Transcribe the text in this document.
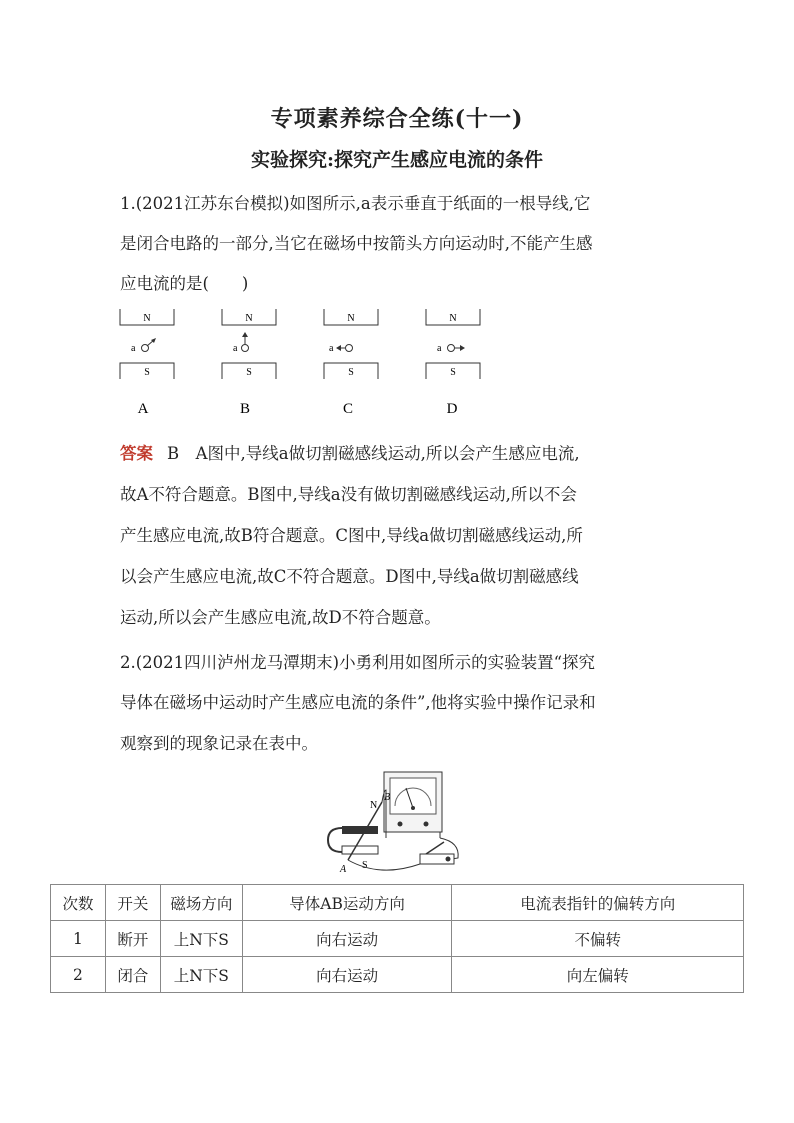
专项素养综合全练(十一)
实验探究:探究产生感应电流的条件
1.(2021江苏东台模拟)如图所示,a表示垂直于纸面的一根导线,它
是闭合电路的一部分,当它在磁场中按箭头方向运动时,不能产生感
应电流的是(　　)
N
a
S
N
a
S
N
a
S
N
a
S
A	B	C	D
答案 B　A图中,导线a做切割磁感线运动,所以会产生感应电流,
故A不符合题意。B图中,导线a没有做切割磁感线运动,所以不会
产生感应电流,故B符合题意。C图中,导线a做切割磁感线运动,所
以会产生感应电流,故C不符合题意。D图中,导线a做切割磁感线
运动,所以会产生感应电流,故D不符合题意。
2.(2021四川泸州龙马潭期末)小勇利用如图所示的实验装置“探究
导体在磁场中运动时产生感应电流的条件”,他将实验中操作记录和
观察到的现象记录在表中。
N
S
A
B
次数	开关	磁场方向	导体AB运动方向	电流表指针的偏转方向
1	断开	上N下S	向右运动	不偏转
2	闭合	上N下S	向右运动	向左偏转
